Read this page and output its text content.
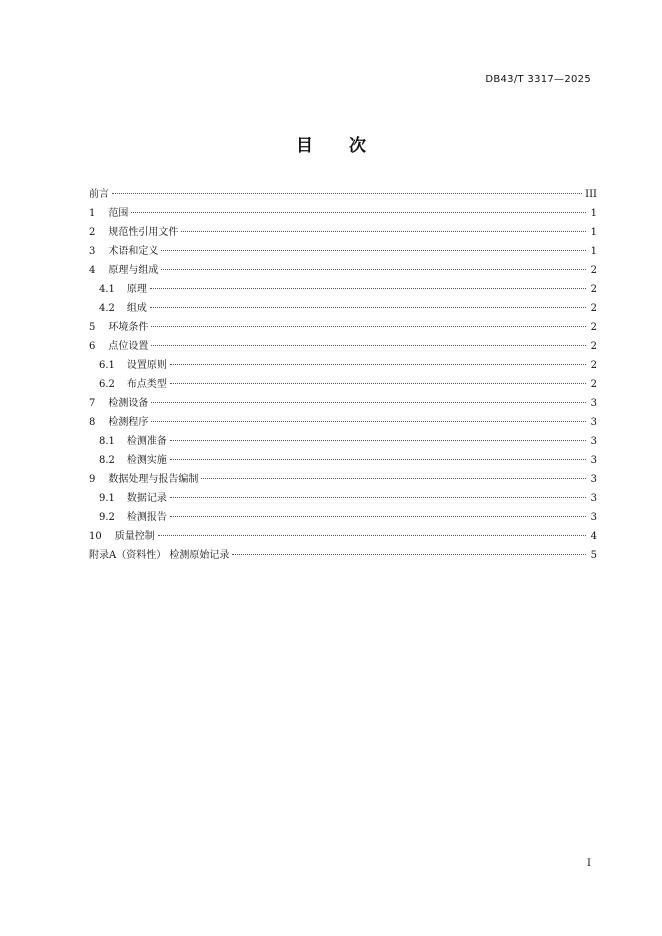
DB43/T 3317—2025
目次
前言	III
1 范围	1
2 规范性引用文件	1
3 术语和定义	1
4 原理与组成	2
4.1 原理	2
4.2 组成	2
5 环境条件	2
6 点位设置	2
6.1 设置原则	2
6.2 布点类型	2
7 检测设备	3
8 检测程序	3
8.1 检测准备	3
8.2 检测实施	3
9 数据处理与报告编制	3
9.1 数据记录	3
9.2 检测报告	3
10 质量控制	4
附录A（资料性） 检测原始记录	5
I
